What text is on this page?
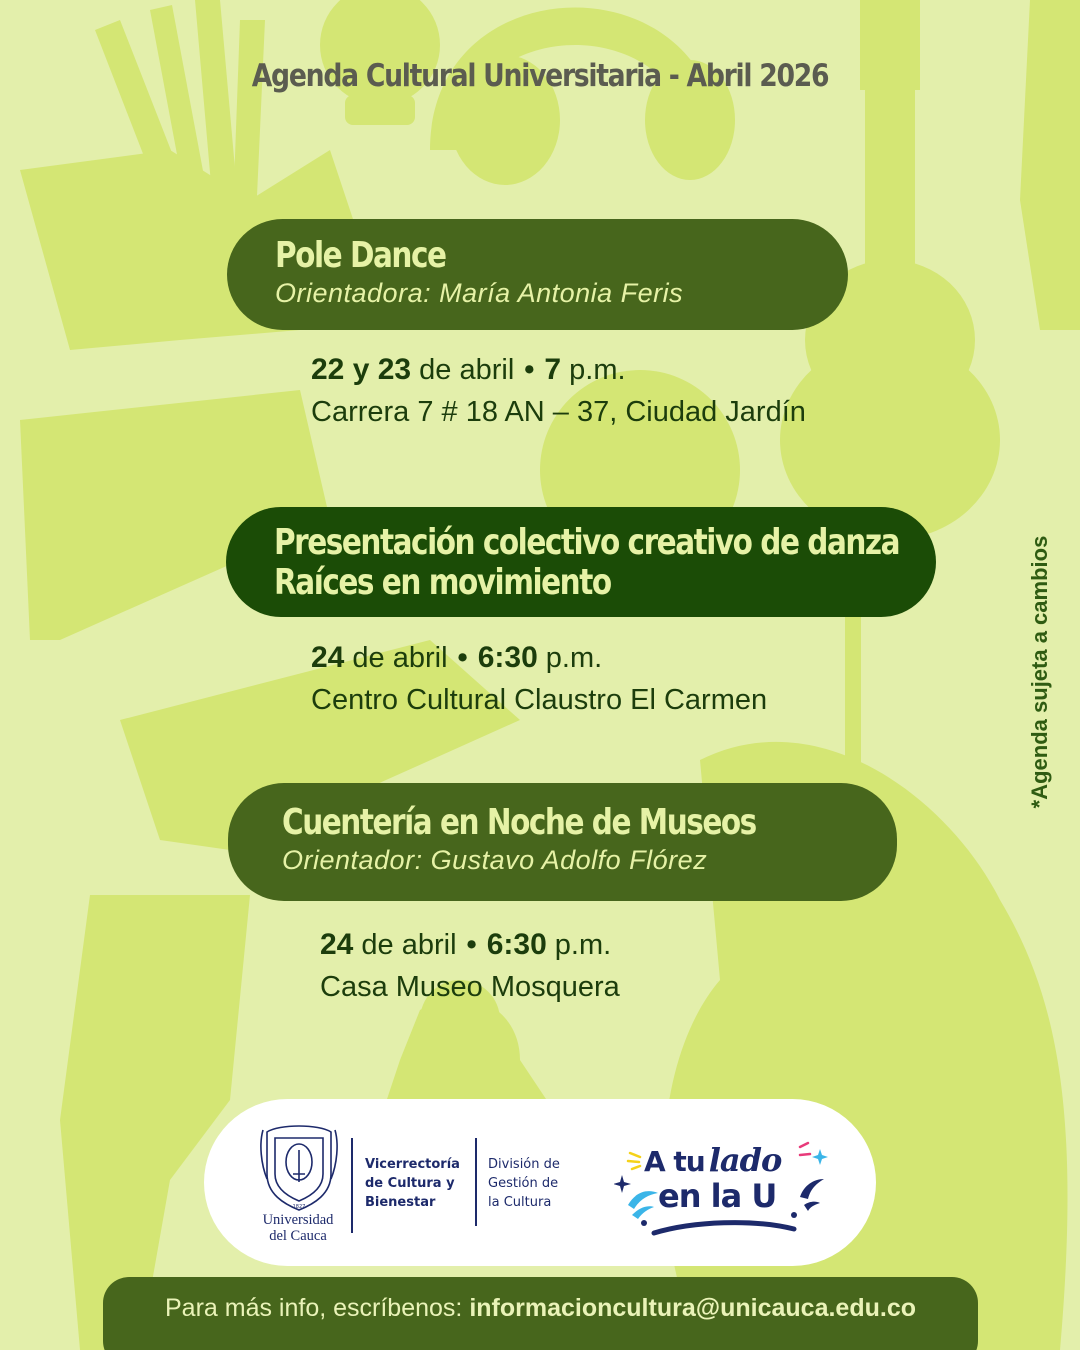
Agenda Cultural Universitaria - Abril 2026
Pole Dance
Orientadora: María Antonia Feris
22 y 23 de abril • 7 p.m.
Carrera 7 # 18 AN – 37, Ciudad Jardín
Presentación colectivo creativo de danza
Raíces en movimiento
24 de abril • 6:30 p.m.
Centro Cultural Claustro El Carmen
Cuentería en Noche de Museos
Orientador: Gustavo Adolfo Flórez
24 de abril • 6:30 p.m.
Casa Museo Mosquera
*Agenda sujeta a cambios
1827
Universidad
del Cauca
Vicerrectoría
de Cultura y
Bienestar
División de
Gestión de
la Cultura
A tu lado
en la U
Para más info, escríbenos: informacioncultura@unicauca.edu.co
